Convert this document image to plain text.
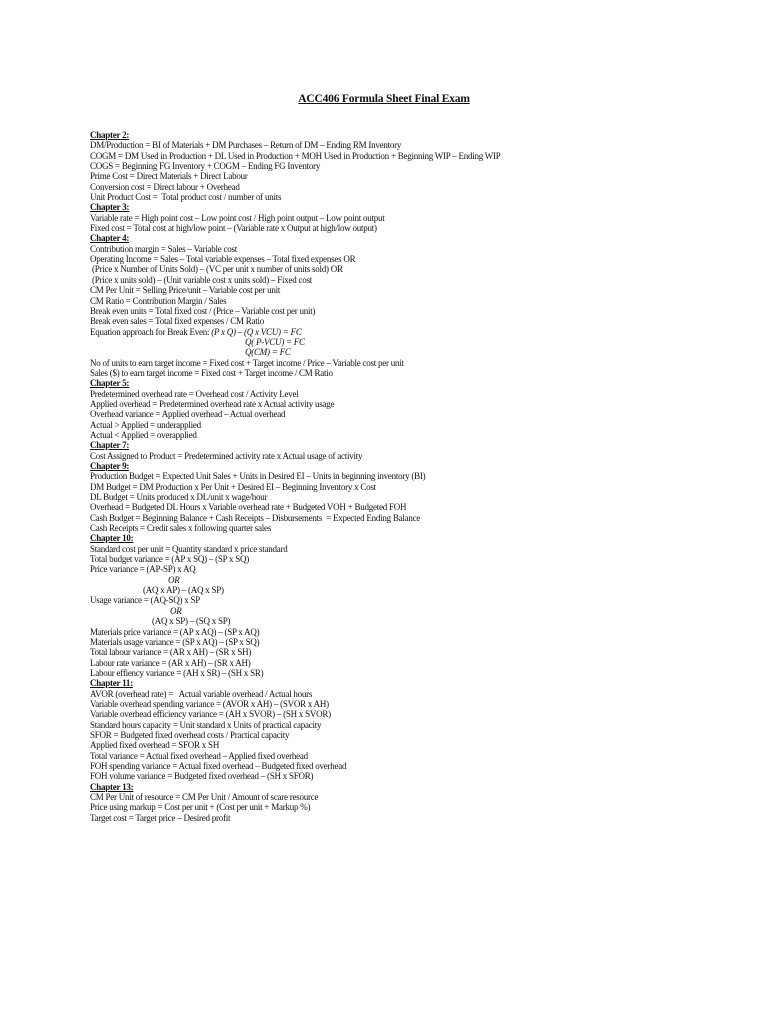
ACC406 Formula Sheet Final Exam
Chapter 2:
DM/Production = BI of Materials + DM Purchases – Return of DM – Ending RM Inventory
COGM = DM Used in Production + DL Used in Production + MOH Used in Production + Beginning WIP – Ending WIP
COGS = Beginning FG Inventory + COGM – Ending FG Inventory
Prime Cost = Direct Materials + Direct Labour
Conversion cost = Direct labour + Overhead
Unit Product Cost =  Total product cost / number of units
Chapter 3:
Variable rate = High point cost – Low point cost / High point output – Low point output
Fixed cost = Total cost at high/low point – (Variable rate x Output at high/low output)
Chapter 4:
Contribution margin = Sales – Variable cost
Operating Income = Sales – Total variable expenses – Total fixed expenses OR
(Price x Number of Units Sold) – (VC per unit x number of units sold) OR
(Price x units sold) – (Unit variable cost x units sold) – Fixed cost
CM Per Unit = Selling Price/unit – Variable cost per unit
CM Ratio = Contribution Margin / Sales
Break even units = Total fixed cost / (Price – Variable cost per unit)
Break even sales = Total fixed expenses / CM Ratio
Equation approach for Break Even: (P x Q) – (Q x VCU) = FC
Q( P-VCU) = FC
Q(CM) = FC
No of units to earn target income = Fixed cost + Target income / Price – Variable cost per unit
Sales ($) to earn target income = Fixed cost + Target income / CM Ratio
Chapter 5:
Predetermined overhead rate = Overhead cost / Activity Level
Applied overhead = Predetermined overhead rate x Actual activity usage
Overhead variance = Applied overhead – Actual overhead
Actual > Applied = underapplied
Actual < Applied = overapplied
Chapter 7:
Cost Assigned to Product = Predetermined activity rate x Actual usage of activity
Chapter 9:
Production Budget = Expected Unit Sales + Units in Desired EI – Units in beginning inventory (BI)
DM Budget = DM Production x Per Unit + Desired EI – Beginning Inventory x Cost
DL Budget = Units produced x DL/unit x wage/hour
Overhead = Budgeted DL Hours x Variable overhead rate + Budgeted VOH + Budgeted FOH
Cash Budget = Beginning Balance + Cash Receipts – Disbursements  = Expected Ending Balance
Cash Receipts = Credit sales x following quarter sales
Chapter 10:
Standard cost per unit = Quantity standard x price standard
Total budget variance = (AP x SQ) – (SP x SQ)
Price variance = (AP-SP) x AQ
OR
(AQ x AP) – (AQ x SP)
Usage variance = (AQ-SQ) x SP
OR
(AQ x SP) – (SQ x SP)
Materials price variance = (AP x AQ) – (SP x AQ)
Materials usage variance = (SP x AQ) – (SP x SQ)
Total labour variance = (AR x AH) – (SR x SH)
Labour rate variance = (AR x AH) – (SR x AH)
Labour effiency variance = (AH x SR) – (SH x SR)
Chapter 11:
AVOR (overhead rate) =   Actual variable overhead / Actual hours
Variable overhead spending variance = (AVOR x AH) – (SVOR x AH)
Variable overhead efficiency variance = (AH x SVOR) – (SH x SVOR)
Standard hours capacity = Unit standard x Units of practical capacity
SFOR = Budgeted fixed overhead costs / Practical capacity
Applied fixed overhead = SFOR x SH
Total variance = Actual fixed overhead – Applied fixed overhead
FOH spending variance = Actual fixed overhead – Budgeted fixed overhead
FOH volume variance = Budgeted fixed overhead – (SH x SFOR)
Chapter 13:
CM Per Unit of resource = CM Per Unit / Amount of scare resource
Price using markup = Cost per unit + (Cost per unit + Markup %)
Target cost = Target price – Desired profit
